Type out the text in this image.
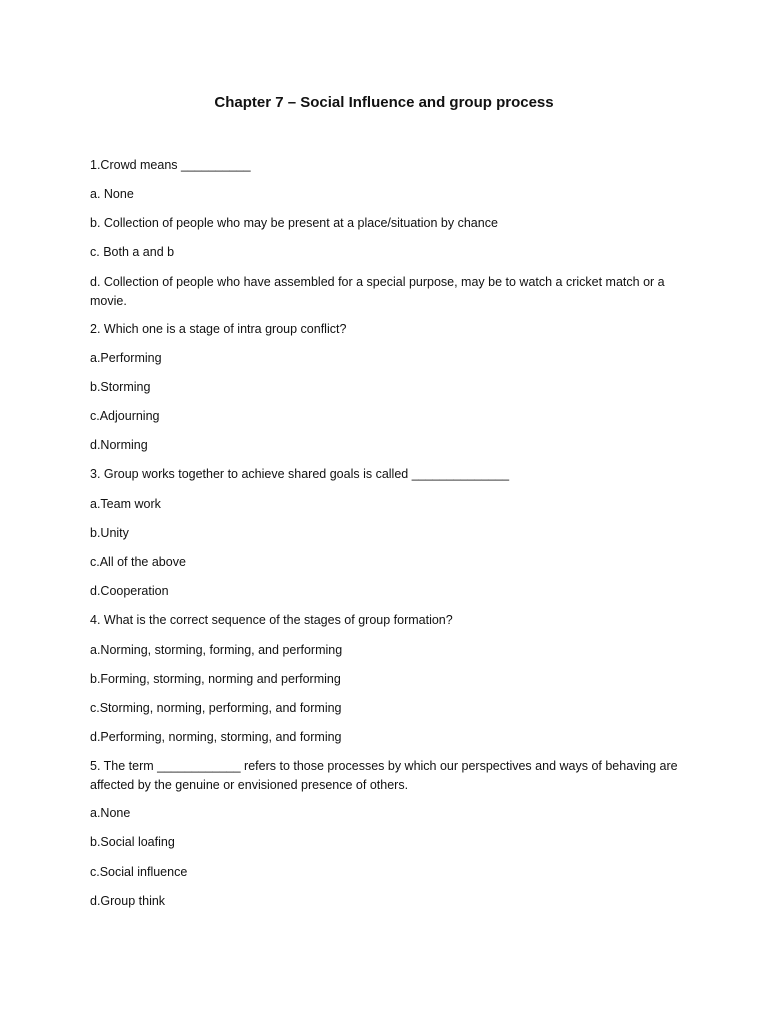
Chapter 7 – Social Influence and group process
1.Crowd means __________
a. None
b. Collection of people who may be present at a place/situation by chance
c. Both a and b
d. Collection of people who have assembled for a special purpose, may be to watch a cricket match or a movie.
2. Which one is a stage of intra group conflict?
a.Performing
b.Storming
c.Adjourning
d.Norming
3. Group works together to achieve shared goals is called ______________
a.Team work
b.Unity
c.All of the above
d.Cooperation
4. What is the correct sequence of the stages of group formation?
a.Norming, storming, forming, and performing
b.Forming, storming, norming and performing
c.Storming, norming, performing, and forming
d.Performing, norming, storming, and forming
5. The term ____________ refers to those processes by which our perspectives and ways of behaving are affected by the genuine or envisioned presence of others.
a.None
b.Social loafing
c.Social influence
d.Group think
